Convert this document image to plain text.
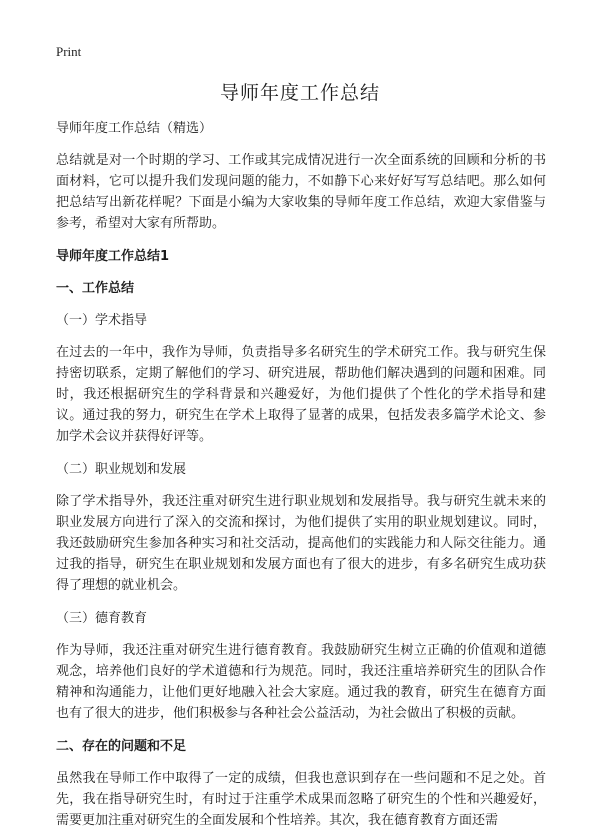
Print
导师年度工作总结

导师年度工作总结（精选）

总结就是对一个时期的学习、工作或其完成情况进行一次全面系统的回顾和分析的书面材料，它可以提升我们发现问题的能力，不如静下心来好好写写总结吧。那么如何把总结写出新花样呢？下面是小编为大家收集的导师年度工作总结，欢迎大家借鉴与参考，希望对大家有所帮助。

导师年度工作总结1

一、工作总结

（一）学术指导

在过去的一年中，我作为导师，负责指导多名研究生的学术研究工作。我与研究生保持密切联系，定期了解他们的学习、研究进展，帮助他们解决遇到的问题和困难。同时，我还根据研究生的学科背景和兴趣爱好，为他们提供了个性化的学术指导和建议。通过我的努力，研究生在学术上取得了显著的成果，包括发表多篇学术论文、参加学术会议并获得好评等。

（二）职业规划和发展

除了学术指导外，我还注重对研究生进行职业规划和发展指导。我与研究生就未来的职业发展方向进行了深入的交流和探讨，为他们提供了实用的职业规划建议。同时，我还鼓励研究生参加各种实习和社交活动，提高他们的实践能力和人际交往能力。通过我的指导，研究生在职业规划和发展方面也有了很大的进步，有多名研究生成功获得了理想的就业机会。

（三）德育教育

作为导师，我还注重对研究生进行德育教育。我鼓励研究生树立正确的价值观和道德观念，培养他们良好的学术道德和行为规范。同时，我还注重培养研究生的团队合作精神和沟通能力，让他们更好地融入社会大家庭。通过我的教育，研究生在德育方面也有了很大的进步，他们积极参与各种社会公益活动，为社会做出了积极的贡献。

二、存在的问题和不足

虽然我在导师工作中取得了一定的成绩，但我也意识到存在一些问题和不足之处。首先，我在指导研究生时，有时过于注重学术成果而忽略了研究生的个性和兴趣爱好，需要更加注重对研究生的全面发展和个性培养。其次，我在德育教育方面还需
